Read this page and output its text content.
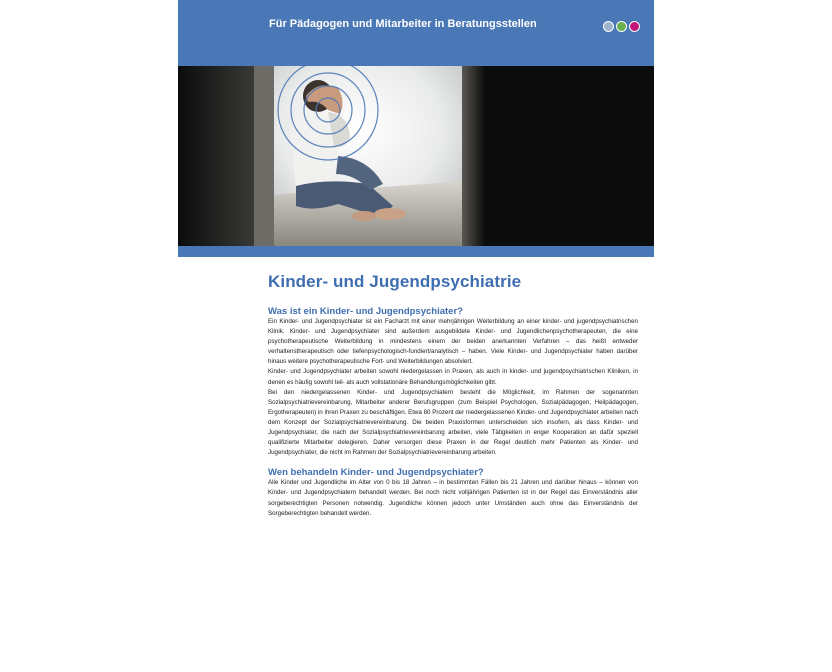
Für Pädagogen und Mitarbeiter in Beratungsstellen
Kinder- und Jugendpsychiatrie
Was ist ein Kinder- und Jugendpsychiater?

Ein Kinder- und Jugendpsychiater ist ein Facharzt mit einer mehrjährigen Weiterbildung an einer kinder- und jugendpsychiatrischen Klinik. Kinder- und Jugendpsychiater sind außerdem ausgebildete Kinder- und Jugendlichenpsychotherapeuten, die eine psychotherapeutische Weiterbildung in mindestens einem der beiden anerkannten Verfahren – das heißt entweder verhaltenstherapeutisch oder tiefenpsychologisch-fundiert/analytisch – haben. Viele Kinder- und Jugendpsychiater haben darüber hinaus weitere psychotherapeutische Fort- und Weiterbildungen absolviert.

Kinder- und Jugendpsychiater arbeiten sowohl niedergelassen in Praxen, als auch in kinder- und jugendpsychiatrischen Kliniken, in denen es häufig sowohl teil- als auch vollstationäre Behandlungsmöglichkeiten gibt.

Bei den niedergelassenen Kinder- und Jugendpsychiatern besteht die Möglichkeit, im Rahmen der sogenannten Sozialpsychiatrievereinbarung, Mitarbeiter anderer Berufsgruppen (zum Beispiel Psychologen, Sozialpädagogen, Heilpädagogen, Ergotherapeuten) in ihren Praxen zu beschäftigen. Etwa 80 Prozent der niedergelassenen Kinder- und Jugendpsychiater arbeiten nach dem Konzept der Sozialpsychiatrievereinbarung. Die beiden Praxisformen unterscheiden sich insofern, als dass Kinder- und Jugendpsychiater, die nach der Sozialpsychiatrievereinbarung arbeiten, viele Tätigkeiten in enger Kooperation an dafür speziell qualifizierte Mitarbeiter delegieren. Daher versorgen diese Praxen in der Regel deutlich mehr Patienten als Kinder- und Jugendpsychiater, die nicht im Rahmen der Sozialpsychiatrievereinbarung arbeiten.

Wen behandeln Kinder- und Jugendpsychiater?

Alle Kinder und Jugendliche im Alter von 0 bis 18 Jahren – in bestimmten Fällen bis 21 Jahren und darüber hinaus – können von Kinder- und Jugendpsychiatern behandelt werden. Bei noch nicht volljährigen Patienten ist in der Regel das Einverständnis aller sorgeberechtigten Personen notwendig. Jugendliche können jedoch unter Umständen auch ohne das Einverständnis der Sorgeberechtigten behandelt werden.
